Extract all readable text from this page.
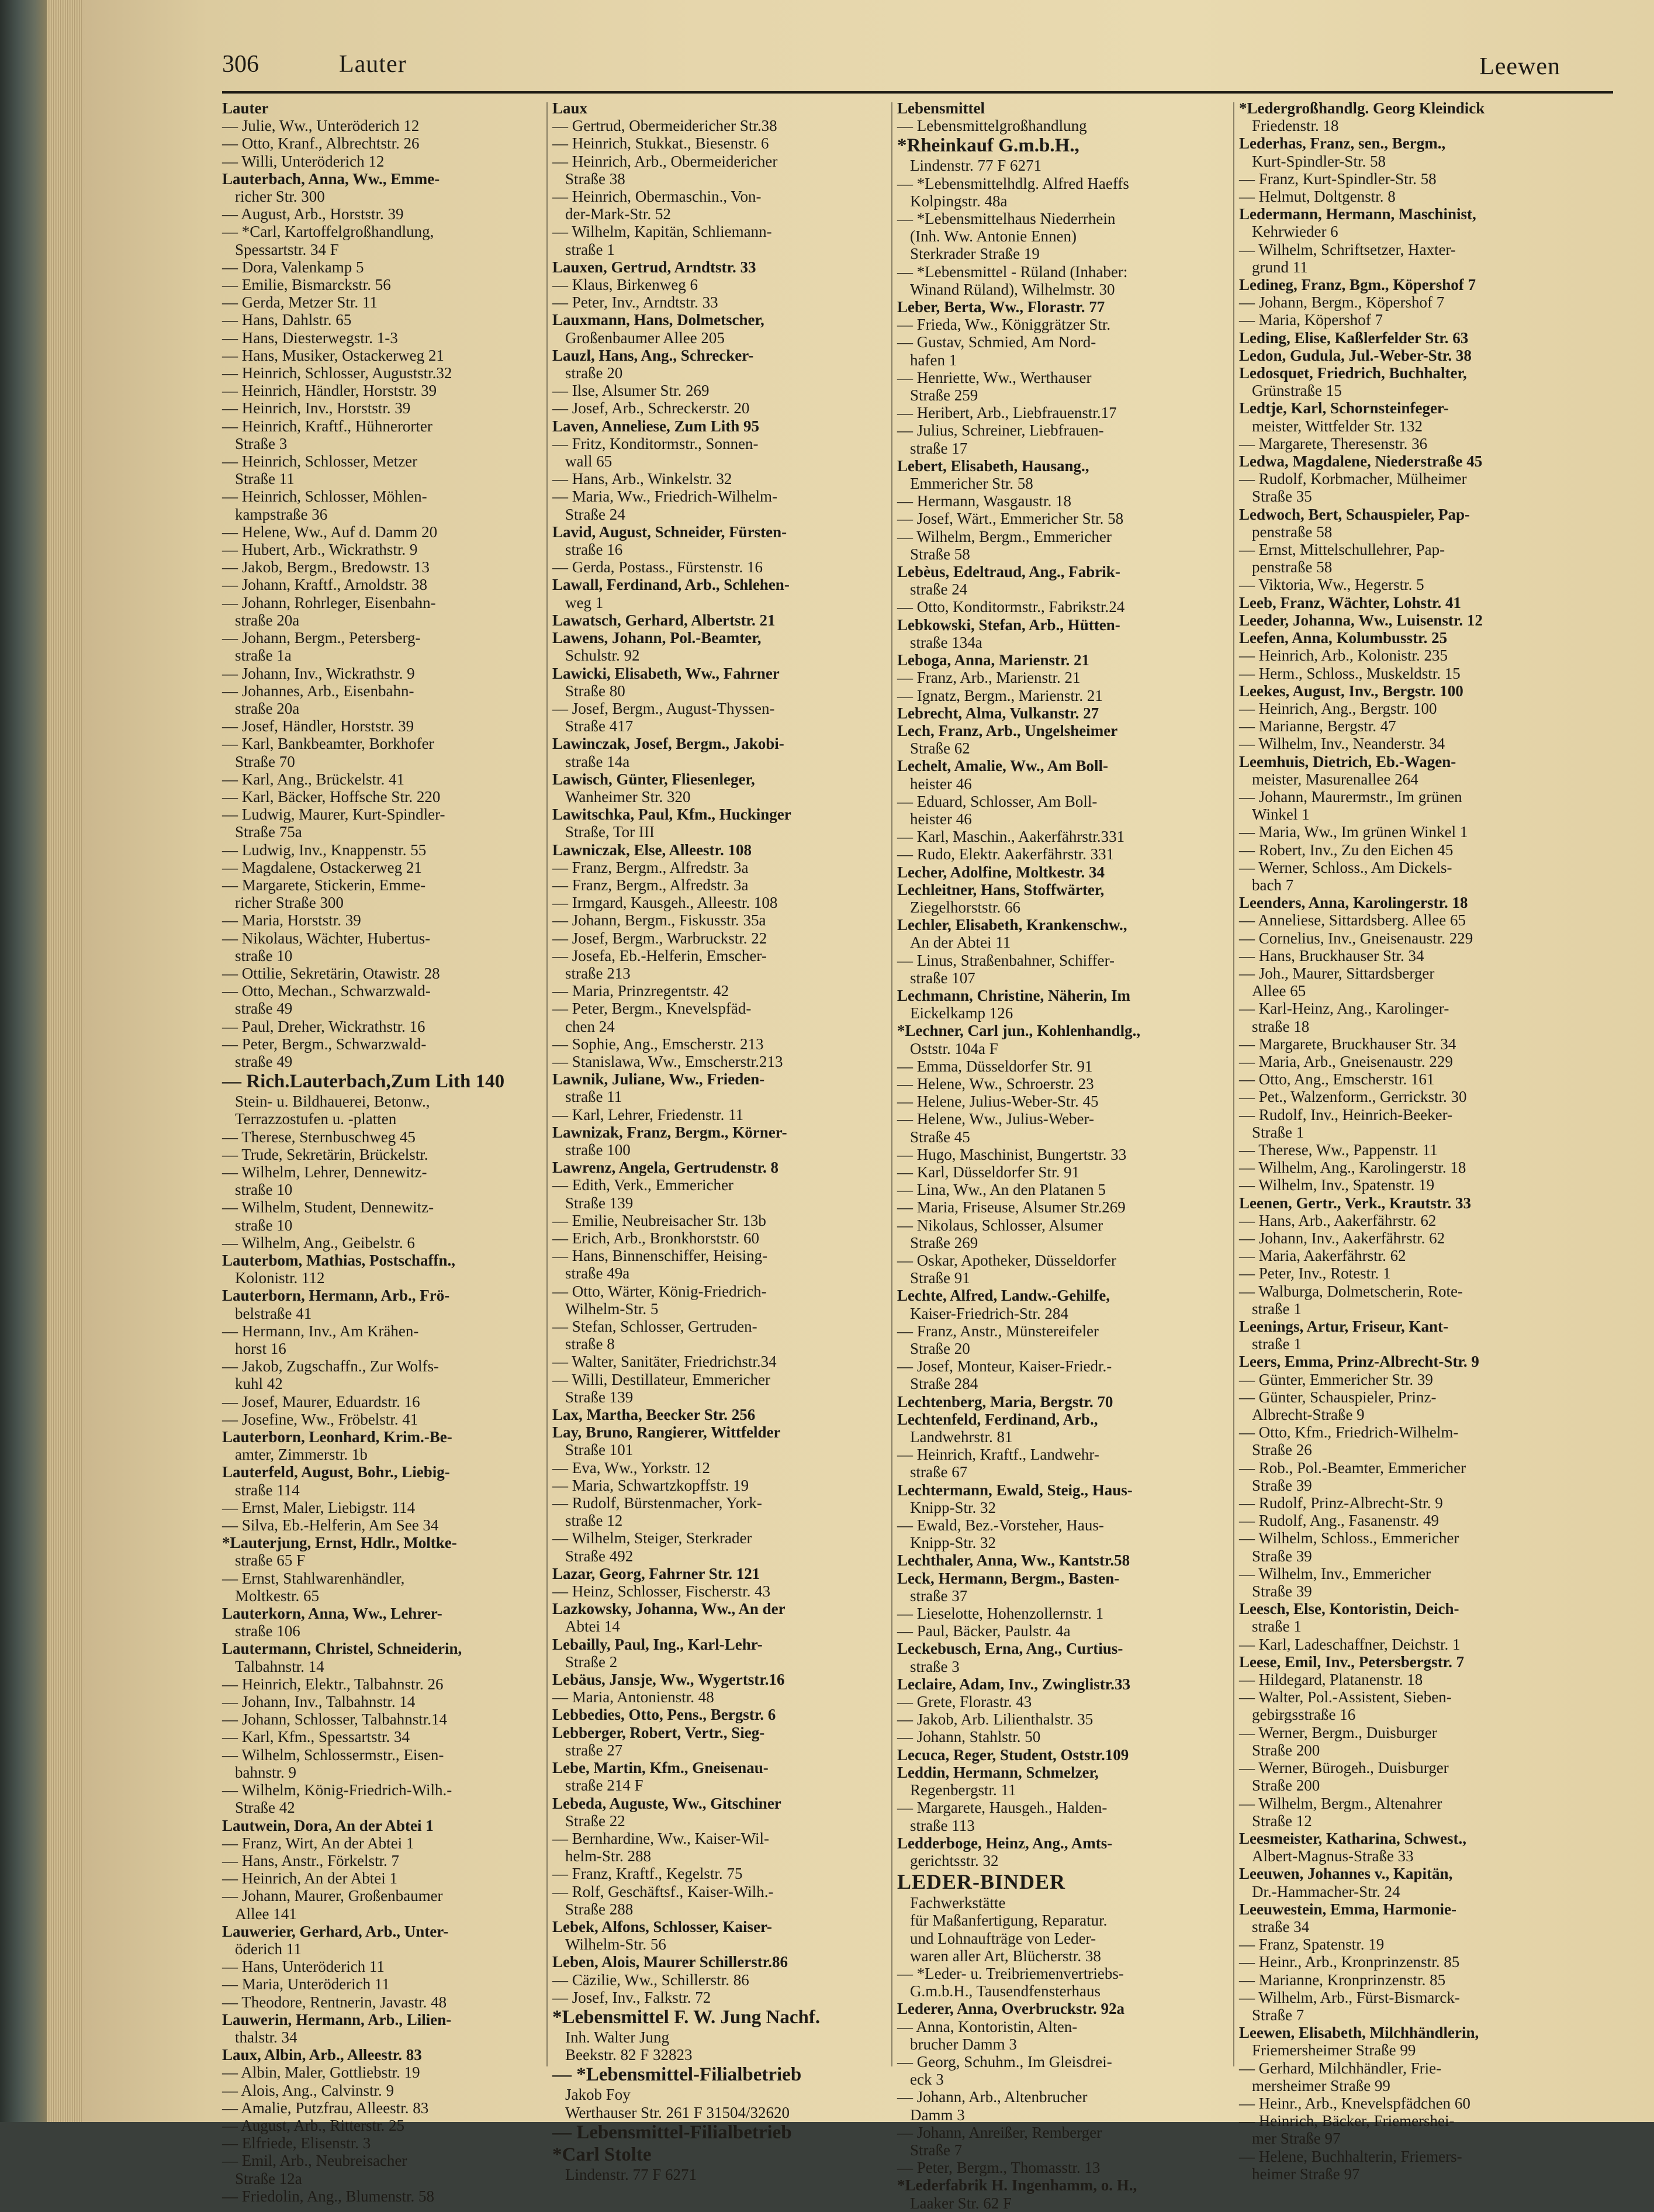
306	Lauter	Leewen
Lauter
— Julie, Ww., Unteröderich 12
— Otto, Kranf., Albrechtstr. 26
— Willi, Unteröderich 12
Lauterbach, Anna, Ww., Emme-
richer Str. 300
— August, Arb., Horststr. 39
— *Carl, Kartoffelgroßhandlung,
Spessartstr. 34 F
— Dora, Valenkamp 5
— Emilie, Bismarckstr. 56
— Gerda, Metzer Str. 11
— Hans, Dahlstr. 65
— Hans, Diesterwegstr. 1-3
— Hans, Musiker, Ostackerweg 21
— Heinrich, Schlosser, Auguststr.32
— Heinrich, Händler, Horststr. 39
— Heinrich, Inv., Horststr. 39
— Heinrich, Kraftf., Hühnerorter
Straße 3
— Heinrich, Schlosser, Metzer
Straße 11
— Heinrich, Schlosser, Möhlen-
kampstraße 36
— Helene, Ww., Auf d. Damm 20
— Hubert, Arb., Wickrathstr. 9
— Jakob, Bergm., Bredowstr. 13
— Johann, Kraftf., Arnoldstr. 38
— Johann, Rohrleger, Eisenbahn-
straße 20a
— Johann, Bergm., Petersberg-
straße 1a
— Johann, Inv., Wickrathstr. 9
— Johannes, Arb., Eisenbahn-
straße 20a
— Josef, Händler, Horststr. 39
— Karl, Bankbeamter, Borkhofer
Straße 70
— Karl, Ang., Brückelstr. 41
— Karl, Bäcker, Hoffsche Str. 220
— Ludwig, Maurer, Kurt-Spindler-
Straße 75a
— Ludwig, Inv., Knappenstr. 55
— Magdalene, Ostackerweg 21
— Margarete, Stickerin, Emme-
richer Straße 300
— Maria, Horststr. 39
— Nikolaus, Wächter, Hubertus-
straße 10
— Ottilie, Sekretärin, Otawistr. 28
— Otto, Mechan., Schwarzwald-
straße 49
— Paul, Dreher, Wickrathstr. 16
— Peter, Bergm., Schwarzwald-
straße 49
— Rich.Lauterbach,Zum Lith 140
Stein- u. Bildhauerei, Betonw.,
Terrazzostufen u. -platten
— Therese, Sternbuschweg 45
— Trude, Sekretärin, Brückelstr.
— Wilhelm, Lehrer, Dennewitz-
straße 10
— Wilhelm, Student, Dennewitz-
straße 10
— Wilhelm, Ang., Geibelstr. 6
Lauterbom, Mathias, Postschaffn.,
Kolonistr. 112
Lauterborn, Hermann, Arb., Frö-
belstraße 41
— Hermann, Inv., Am Krähen-
horst 16
— Jakob, Zugschaffn., Zur Wolfs-
kuhl 42
— Josef, Maurer, Eduardstr. 16
— Josefine, Ww., Fröbelstr. 41
Lauterborn, Leonhard, Krim.-Be-
amter, Zimmerstr. 1b
Lauterfeld, August, Bohr., Liebig-
straße 114
— Ernst, Maler, Liebigstr. 114
— Silva, Eb.-Helferin, Am See 34
*Lauterjung, Ernst, Hdlr., Moltke-
straße 65 F
— Ernst, Stahlwarenhändler,
Moltkestr. 65
Lauterkorn, Anna, Ww., Lehrer-
straße 106
Lautermann, Christel, Schneiderin,
Talbahnstr. 14
— Heinrich, Elektr., Talbahnstr. 26
— Johann, Inv., Talbahnstr. 14
— Johann, Schlosser, Talbahnstr.14
— Karl, Kfm., Spessartstr. 34
— Wilhelm, Schlossermstr., Eisen-
bahnstr. 9
— Wilhelm, König-Friedrich-Wilh.-
Straße 42
Lautwein, Dora, An der Abtei 1
— Franz, Wirt, An der Abtei 1
— Hans, Anstr., Förkelstr. 7
— Heinrich, An der Abtei 1
— Johann, Maurer, Großenbaumer
Allee 141
Lauwerier, Gerhard, Arb., Unter-
öderich 11
— Hans, Unteröderich 11
— Maria, Unteröderich 11
— Theodore, Rentnerin, Javastr. 48
Lauwerin, Hermann, Arb., Lilien-
thalstr. 34
Laux, Albin, Arb., Alleestr. 83
— Albin, Maler, Gottliebstr. 19
— Alois, Ang., Calvinstr. 9
— Amalie, Putzfrau, Alleestr. 83
— August, Arb., Ritterstr. 25
— Elfriede, Elisenstr. 3
— Emil, Arb., Neubreisacher
Straße 12a
— Friedolin, Ang., Blumenstr. 58
Laux
— Gertrud, Obermeidericher Str.38
— Heinrich, Stukkat., Biesenstr. 6
— Heinrich, Arb., Obermeidericher
Straße 38
— Heinrich, Obermaschin., Von-
der-Mark-Str. 52
— Wilhelm, Kapitän, Schliemann-
straße 1
Lauxen, Gertrud, Arndtstr. 33
— Klaus, Birkenweg 6
— Peter, Inv., Arndtstr. 33
Lauxmann, Hans, Dolmetscher,
Großenbaumer Allee 205
Lauzl, Hans, Ang., Schrecker-
straße 20
— Ilse, Alsumer Str. 269
— Josef, Arb., Schreckerstr. 20
Laven, Anneliese, Zum Lith 95
— Fritz, Konditormstr., Sonnen-
wall 65
— Hans, Arb., Winkelstr. 32
— Maria, Ww., Friedrich-Wilhelm-
Straße 24
Lavid, August, Schneider, Fürsten-
straße 16
— Gerda, Postass., Fürstenstr. 16
Lawall, Ferdinand, Arb., Schlehen-
weg 1
Lawatsch, Gerhard, Albertstr. 21
Lawens, Johann, Pol.-Beamter,
Schulstr. 92
Lawicki, Elisabeth, Ww., Fahrner
Straße 80
— Josef, Bergm., August-Thyssen-
Straße 417
Lawinczak, Josef, Bergm., Jakobi-
straße 14a
Lawisch, Günter, Fliesenleger,
Wanheimer Str. 320
Lawitschka, Paul, Kfm., Huckinger
Straße, Tor III
Lawniczak, Else, Alleestr. 108
— Franz, Bergm., Alfredstr. 3a
— Franz, Bergm., Alfredstr. 3a
— Irmgard, Kausgeh., Alleestr. 108
— Johann, Bergm., Fiskusstr. 35a
— Josef, Bergm., Warbruckstr. 22
— Josefa, Eb.-Helferin, Emscher-
straße 213
— Maria, Prinzregentstr. 42
— Peter, Bergm., Knevelspfäd-
chen 24
— Sophie, Ang., Emscherstr. 213
— Stanislawa, Ww., Emscherstr.213
Lawnik, Juliane, Ww., Frieden-
straße 11
— Karl, Lehrer, Friedenstr. 11
Lawnizak, Franz, Bergm., Körner-
straße 100
Lawrenz, Angela, Gertrudenstr. 8
— Edith, Verk., Emmericher
Straße 139
— Emilie, Neubreisacher Str. 13b
— Erich, Arb., Bronkhorststr. 60
— Hans, Binnenschiffer, Heising-
straße 49a
— Otto, Wärter, König-Friedrich-
Wilhelm-Str. 5
— Stefan, Schlosser, Gertruden-
straße 8
— Walter, Sanitäter, Friedrichstr.34
— Willi, Destillateur, Emmericher
Straße 139
Lax, Martha, Beecker Str. 256
Lay, Bruno, Rangierer, Wittfelder
Straße 101
— Eva, Ww., Yorkstr. 12
— Maria, Schwartzkopffstr. 19
— Rudolf, Bürstenmacher, York-
straße 12
— Wilhelm, Steiger, Sterkrader
Straße 492
Lazar, Georg, Fahrner Str. 121
— Heinz, Schlosser, Fischerstr. 43
Lazkowsky, Johanna, Ww., An der
Abtei 14
Lebailly, Paul, Ing., Karl-Lehr-
Straße 2
Lebäus, Jansje, Ww., Wygertstr.16
— Maria, Antonienstr. 48
Lebbedies, Otto, Pens., Bergstr. 6
Lebberger, Robert, Vertr., Sieg-
straße 27
Lebe, Martin, Kfm., Gneisenau-
straße 214 F
Lebeda, Auguste, Ww., Gitschiner
Straße 22
— Bernhardine, Ww., Kaiser-Wil-
helm-Str. 288
— Franz, Kraftf., Kegelstr. 75
— Rolf, Geschäftsf., Kaiser-Wilh.-
Straße 288
Lebek, Alfons, Schlosser, Kaiser-
Wilhelm-Str. 56
Leben, Alois, Maurer Schillerstr.86
— Cäzilie, Ww., Schillerstr. 86
— Josef, Inv., Falkstr. 72
*Lebensmittel F. W. Jung Nachf.
Inh. Walter Jung
Beekstr. 82 F 32823
— *Lebensmittel-Filialbetrieb
Jakob Foy
Werthauser Str. 261 F 31504/32620
— Lebensmittel-Filialbetrieb
*Carl Stolte
Lindenstr. 77 F 6271
Lebensmittel
— Lebensmittelgroßhandlung
*Rheinkauf G.m.b.H.,
Lindenstr. 77 F 6271
— *Lebensmittelhdlg. Alfred Haeffs
Kolpingstr. 48a
— *Lebensmittelhaus Niederrhein
(Inh. Ww. Antonie Ennen)
Sterkrader Straße 19
— *Lebensmittel - Rüland (Inhaber:
Winand Rüland), Wilhelmstr. 30
Leber, Berta, Ww., Florastr. 77
— Frieda, Ww., Königgrätzer Str.
— Gustav, Schmied, Am Nord-
hafen 1
— Henriette, Ww., Werthauser
Straße 259
— Heribert, Arb., Liebfrauenstr.17
— Julius, Schreiner, Liebfrauen-
straße 17
Lebert, Elisabeth, Hausang.,
Emmericher Str. 58
— Hermann, Wasgaustr. 18
— Josef, Wärt., Emmericher Str. 58
— Wilhelm, Bergm., Emmericher
Straße 58
Lebèus, Edeltraud, Ang., Fabrik-
straße 24
— Otto, Konditormstr., Fabrikstr.24
Lebkowski, Stefan, Arb., Hütten-
straße 134a
Leboga, Anna, Marienstr. 21
— Franz, Arb., Marienstr. 21
— Ignatz, Bergm., Marienstr. 21
Lebrecht, Alma, Vulkanstr. 27
Lech, Franz, Arb., Ungelsheimer
Straße 62
Lechelt, Amalie, Ww., Am Boll-
heister 46
— Eduard, Schlosser, Am Boll-
heister 46
— Karl, Maschin., Aakerfährstr.331
— Rudo, Elektr. Aakerfährstr. 331
Lecher, Adolfine, Moltkestr. 34
Lechleitner, Hans, Stoffwärter,
Ziegelhorststr. 66
Lechler, Elisabeth, Krankenschw.,
An der Abtei 11
— Linus, Straßenbahner, Schiffer-
straße 107
Lechmann, Christine, Näherin, Im
Eickelkamp 126
*Lechner, Carl jun., Kohlenhandlg.,
Oststr. 104a F
— Emma, Düsseldorfer Str. 91
— Helene, Ww., Schroerstr. 23
— Helene, Julius-Weber-Str. 45
— Helene, Ww., Julius-Weber-
Straße 45
— Hugo, Maschinist, Bungertstr. 33
— Karl, Düsseldorfer Str. 91
— Lina, Ww., An den Platanen 5
— Maria, Friseuse, Alsumer Str.269
— Nikolaus, Schlosser, Alsumer
Straße 269
— Oskar, Apotheker, Düsseldorfer
Straße 91
Lechte, Alfred, Landw.-Gehilfe,
Kaiser-Friedrich-Str. 284
— Franz, Anstr., Münstereifeler
Straße 20
— Josef, Monteur, Kaiser-Friedr.-
Straße 284
Lechtenberg, Maria, Bergstr. 70
Lechtenfeld, Ferdinand, Arb.,
Landwehrstr. 81
— Heinrich, Kraftf., Landwehr-
straße 67
Lechtermann, Ewald, Steig., Haus-
Knipp-Str. 32
— Ewald, Bez.-Vorsteher, Haus-
Knipp-Str. 32
Lechthaler, Anna, Ww., Kantstr.58
Leck, Hermann, Bergm., Basten-
straße 37
— Lieselotte, Hohenzollernstr. 1
— Paul, Bäcker, Paulstr. 4a
Leckebusch, Erna, Ang., Curtius-
straße 3
Leclaire, Adam, Inv., Zwinglistr.33
— Grete, Florastr. 43
— Jakob, Arb. Lilienthalstr. 35
— Johann, Stahlstr. 50
Lecuca, Reger, Student, Oststr.109
Leddin, Hermann, Schmelzer,
Regenbergstr. 11
— Margarete, Hausgeh., Halden-
straße 113
Ledderboge, Heinz, Ang., Amts-
gerichtsstr. 32
LEDER-BINDER
Fachwerkstätte
für Maßanfertigung, Reparatur.
und Lohnaufträge von Leder-
waren aller Art, Blücherstr. 38
— *Leder- u. Treibriemenvertriebs-
G.m.b.H., Tausendfensterhaus
Lederer, Anna, Overbruckstr. 92a
— Anna, Kontoristin, Alten-
brucher Damm 3
— Georg, Schuhm., Im Gleisdrei-
eck 3
— Johann, Arb., Altenbrucher
Damm 3
— Johann, Anreißer, Remberger
Straße 7
— Peter, Bergm., Thomasstr. 13
*Lederfabrik H. Ingenhamm, o. H.,
Laaker Str. 62 F
*Ledergroßhandlg. Georg Kleindick
Friedenstr. 18
Lederhas, Franz, sen., Bergm.,
Kurt-Spindler-Str. 58
— Franz, Kurt-Spindler-Str. 58
— Helmut, Doltgenstr. 8
Ledermann, Hermann, Maschinist,
Kehrwieder 6
— Wilhelm, Schriftsetzer, Haxter-
grund 11
Ledineg, Franz, Bgm., Köpershof 7
— Johann, Bergm., Köpershof 7
— Maria, Köpershof 7
Leding, Elise, Kaßlerfelder Str. 63
Ledon, Gudula, Jul.-Weber-Str. 38
Ledosquet, Friedrich, Buchhalter,
Grünstraße 15
Ledtje, Karl, Schornsteinfeger-
meister, Wittfelder Str. 132
— Margarete, Theresenstr. 36
Ledwa, Magdalene, Niederstraße 45
— Rudolf, Korbmacher, Mülheimer
Straße 35
Ledwoch, Bert, Schauspieler, Pap-
penstraße 58
— Ernst, Mittelschullehrer, Pap-
penstraße 58
— Viktoria, Ww., Hegerstr. 5
Leeb, Franz, Wächter, Lohstr. 41
Leeder, Johanna, Ww., Luisenstr. 12
Leefen, Anna, Kolumbusstr. 25
— Heinrich, Arb., Kolonistr. 235
— Herm., Schloss., Muskeldstr. 15
Leekes, August, Inv., Bergstr. 100
— Heinrich, Ang., Bergstr. 100
— Marianne, Bergstr. 47
— Wilhelm, Inv., Neanderstr. 34
Leemhuis, Dietrich, Eb.-Wagen-
meister, Masurenallee 264
— Johann, Maurermstr., Im grünen
Winkel 1
— Maria, Ww., Im grünen Winkel 1
— Robert, Inv., Zu den Eichen 45
— Werner, Schloss., Am Dickels-
bach 7
Leenders, Anna, Karolingerstr. 18
— Anneliese, Sittardsberg. Allee 65
— Cornelius, Inv., Gneisenaustr. 229
— Hans, Bruckhauser Str. 34
— Joh., Maurer, Sittardsberger
Allee 65
— Karl-Heinz, Ang., Karolinger-
straße 18
— Margarete, Bruckhauser Str. 34
— Maria, Arb., Gneisenaustr. 229
— Otto, Ang., Emscherstr. 161
— Pet., Walzenform., Gerrickstr. 30
— Rudolf, Inv., Heinrich-Beeker-
Straße 1
— Therese, Ww., Pappenstr. 11
— Wilhelm, Ang., Karolingerstr. 18
— Wilhelm, Inv., Spatenstr. 19
Leenen, Gertr., Verk., Krautstr. 33
— Hans, Arb., Aakerfährstr. 62
— Johann, Inv., Aakerfährstr. 62
— Maria, Aakerfährstr. 62
— Peter, Inv., Rotestr. 1
— Walburga, Dolmetscherin, Rote-
straße 1
Leenings, Artur, Friseur, Kant-
straße 1
Leers, Emma, Prinz-Albrecht-Str. 9
— Günter, Emmericher Str. 39
— Günter, Schauspieler, Prinz-
Albrecht-Straße 9
— Otto, Kfm., Friedrich-Wilhelm-
Straße 26
— Rob., Pol.-Beamter, Emmericher
Straße 39
— Rudolf, Prinz-Albrecht-Str. 9
— Rudolf, Ang., Fasanenstr. 49
— Wilhelm, Schloss., Emmericher
Straße 39
— Wilhelm, Inv., Emmericher
Straße 39
Leesch, Else, Kontoristin, Deich-
straße 1
— Karl, Ladeschaffner, Deichstr. 1
Leese, Emil, Inv., Petersbergstr. 7
— Hildegard, Platanenstr. 18
— Walter, Pol.-Assistent, Sieben-
gebirgsstraße 16
— Werner, Bergm., Duisburger
Straße 200
— Werner, Bürogeh., Duisburger
Straße 200
— Wilhelm, Bergm., Altenahrer
Straße 12
Leesmeister, Katharina, Schwest.,
Albert-Magnus-Straße 33
Leeuwen, Johannes v., Kapitän,
Dr.-Hammacher-Str. 24
Leeuwestein, Emma, Harmonie-
straße 34
— Franz, Spatenstr. 19
— Heinr., Arb., Kronprinzenstr. 85
— Marianne, Kronprinzenstr. 85
— Wilhelm, Arb., Fürst-Bismarck-
Straße 7
Leewen, Elisabeth, Milchhändlerin,
Friemersheimer Straße 99
— Gerhard, Milchhändler, Frie-
mersheimer Straße 99
— Heinr., Arb., Knevelspfädchen 60
— Heinrich, Bäcker, Friemershei-
mer Straße 97
— Helene, Buchhalterin, Friemers-
heimer Straße 97
